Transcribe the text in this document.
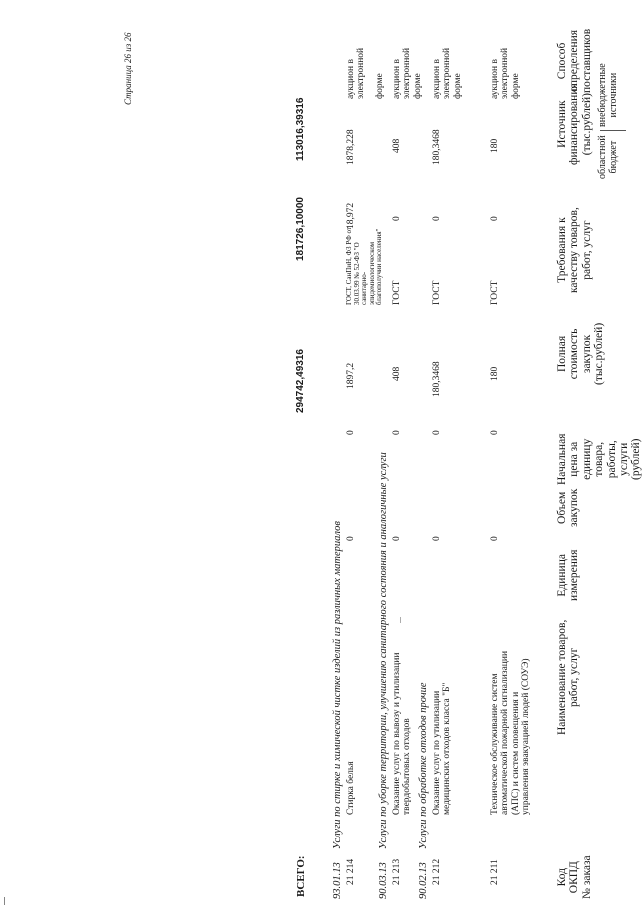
Код ОКПД № заказа
Наименование товаров, работ, услуг
Единица измерения
Объем закупок
Начальная цена за единицу товара, работы, услуги (рублей)
Полная стоимость закупок (тыс.рублей)
Требования к качеству товаров, работ, услуг
Источник финансирования (тыс.рублей)
областной бюджет
внебюджетные источники
Способ определения поставщиков
21 211
Техническое обслуживание систем автоматической пожарной сигнализации (АПС) и систем оповещения и управления эвакуацией людей (СОУЭ)
0
0
180
ГОСТ
0
180
аукцион в электронной форме
90.02.13     Услуги по обработке отходов прочие
21 212
Оказание услуг по утилизации медицинских отходов класса "Б"
0
0
180,3468
ГОСТ
0
180,3468
аукцион в электронной форме
90.03.13     Услуги по уборке территории, улучшению санитарного состояния и аналогичные услуги
21 213
Оказание услуг по вывозу и утилизации твердобытовых отходов
0
0
408
ГОСТ
0
408
аукцион в электронной форме
93.01.13     Услуги по стирке и химической чистке изделий из различных материалов
21 214
Стирка белья
0
0
1897,2
ГОСТ, СанПиН, ФЗ РФ от 30.03.99 № 52-ФЗ "О санитарно- эпидемиологическом благополучии населения"
18,972
1878,228
аукцион в электронной форме
ВСЕГО:
294742,49316
181726,10000
113016,39316
Страница 26 из 26
